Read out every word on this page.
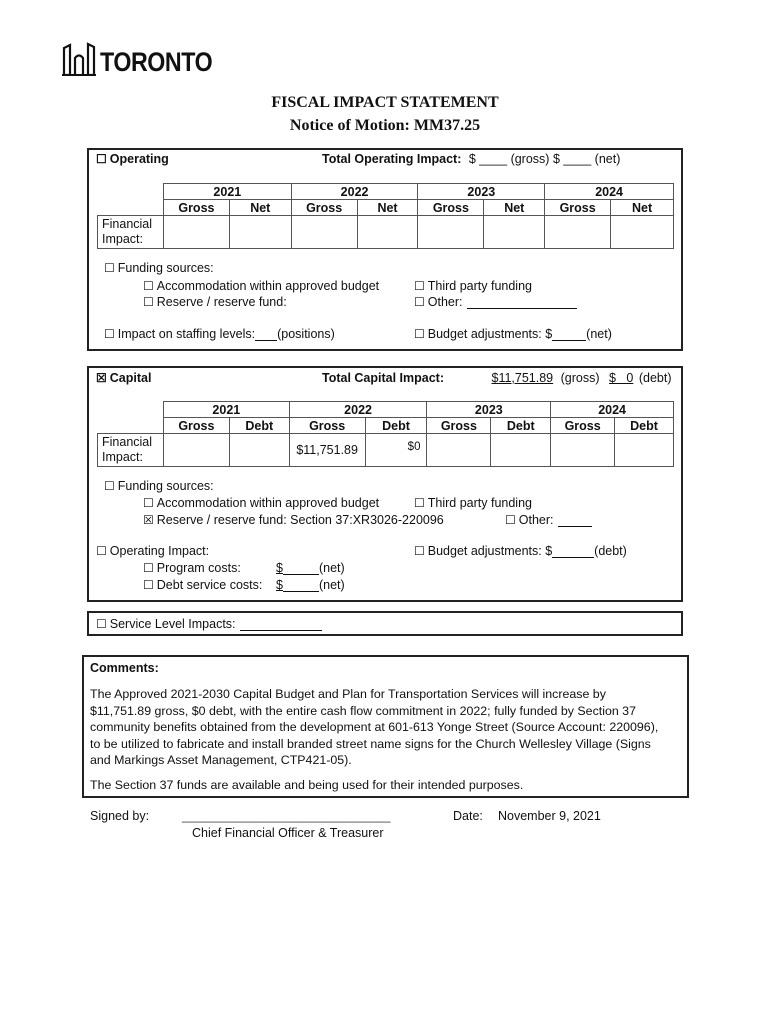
TORONTO
FISCAL IMPACT STATEMENT
Notice of Motion: MM37.25
☐ Operating	Total Operating Impact: $ ____ (gross) $ ____ (net)
	2021		2022		2023		2024	
	Gross	Net	Gross	Net	Gross	Net	Gross	Net
Financial Impact:								
☐ Funding sources:
☐ Accommodation within approved budget
☐ Reserve / reserve fund:
☐ Third party funding
☐ Other:
☐ Impact on staffing levels: (positions)	☐ Budget adjustments: $	(net)
☒ Capital	Total Capital Impact:	$11,751.89 (gross) $   0 (debt)
	2021		2022		2023		2024	
	Gross	Debt	Gross	Debt	Gross	Debt	Gross	Debt
Financial Impact:			$11,751.89	$0				
☐ Funding sources:
☐ Accommodation within approved budget
☒ Reserve / reserve fund: Section 37:XR3026-220096
☐ Third party funding
☐ Other:
☐ Operating Impact:
☐ Program costs:	$	(net)
☐ Debt service costs: $	(net)
☐ Budget adjustments: $	(debt)
☐ Service Level Impacts:
Comments:
The Approved 2021-2030 Capital Budget and Plan for Transportation Services will increase by $11,751.89 gross, $0 debt, with the entire cash flow commitment in 2022; fully funded by Section 37 community benefits obtained from the development at 601-613 Yonge Street (Source Account: 220096), to be utilized to fabricate and install branded street name signs for the Church Wellesley Village (Signs and Markings Asset Management, CTP421-05).
The Section 37 funds are available and being used for their intended purposes.
Signed by:	______________________________
Chief Financial Officer & Treasurer
Date: November 9, 2021
